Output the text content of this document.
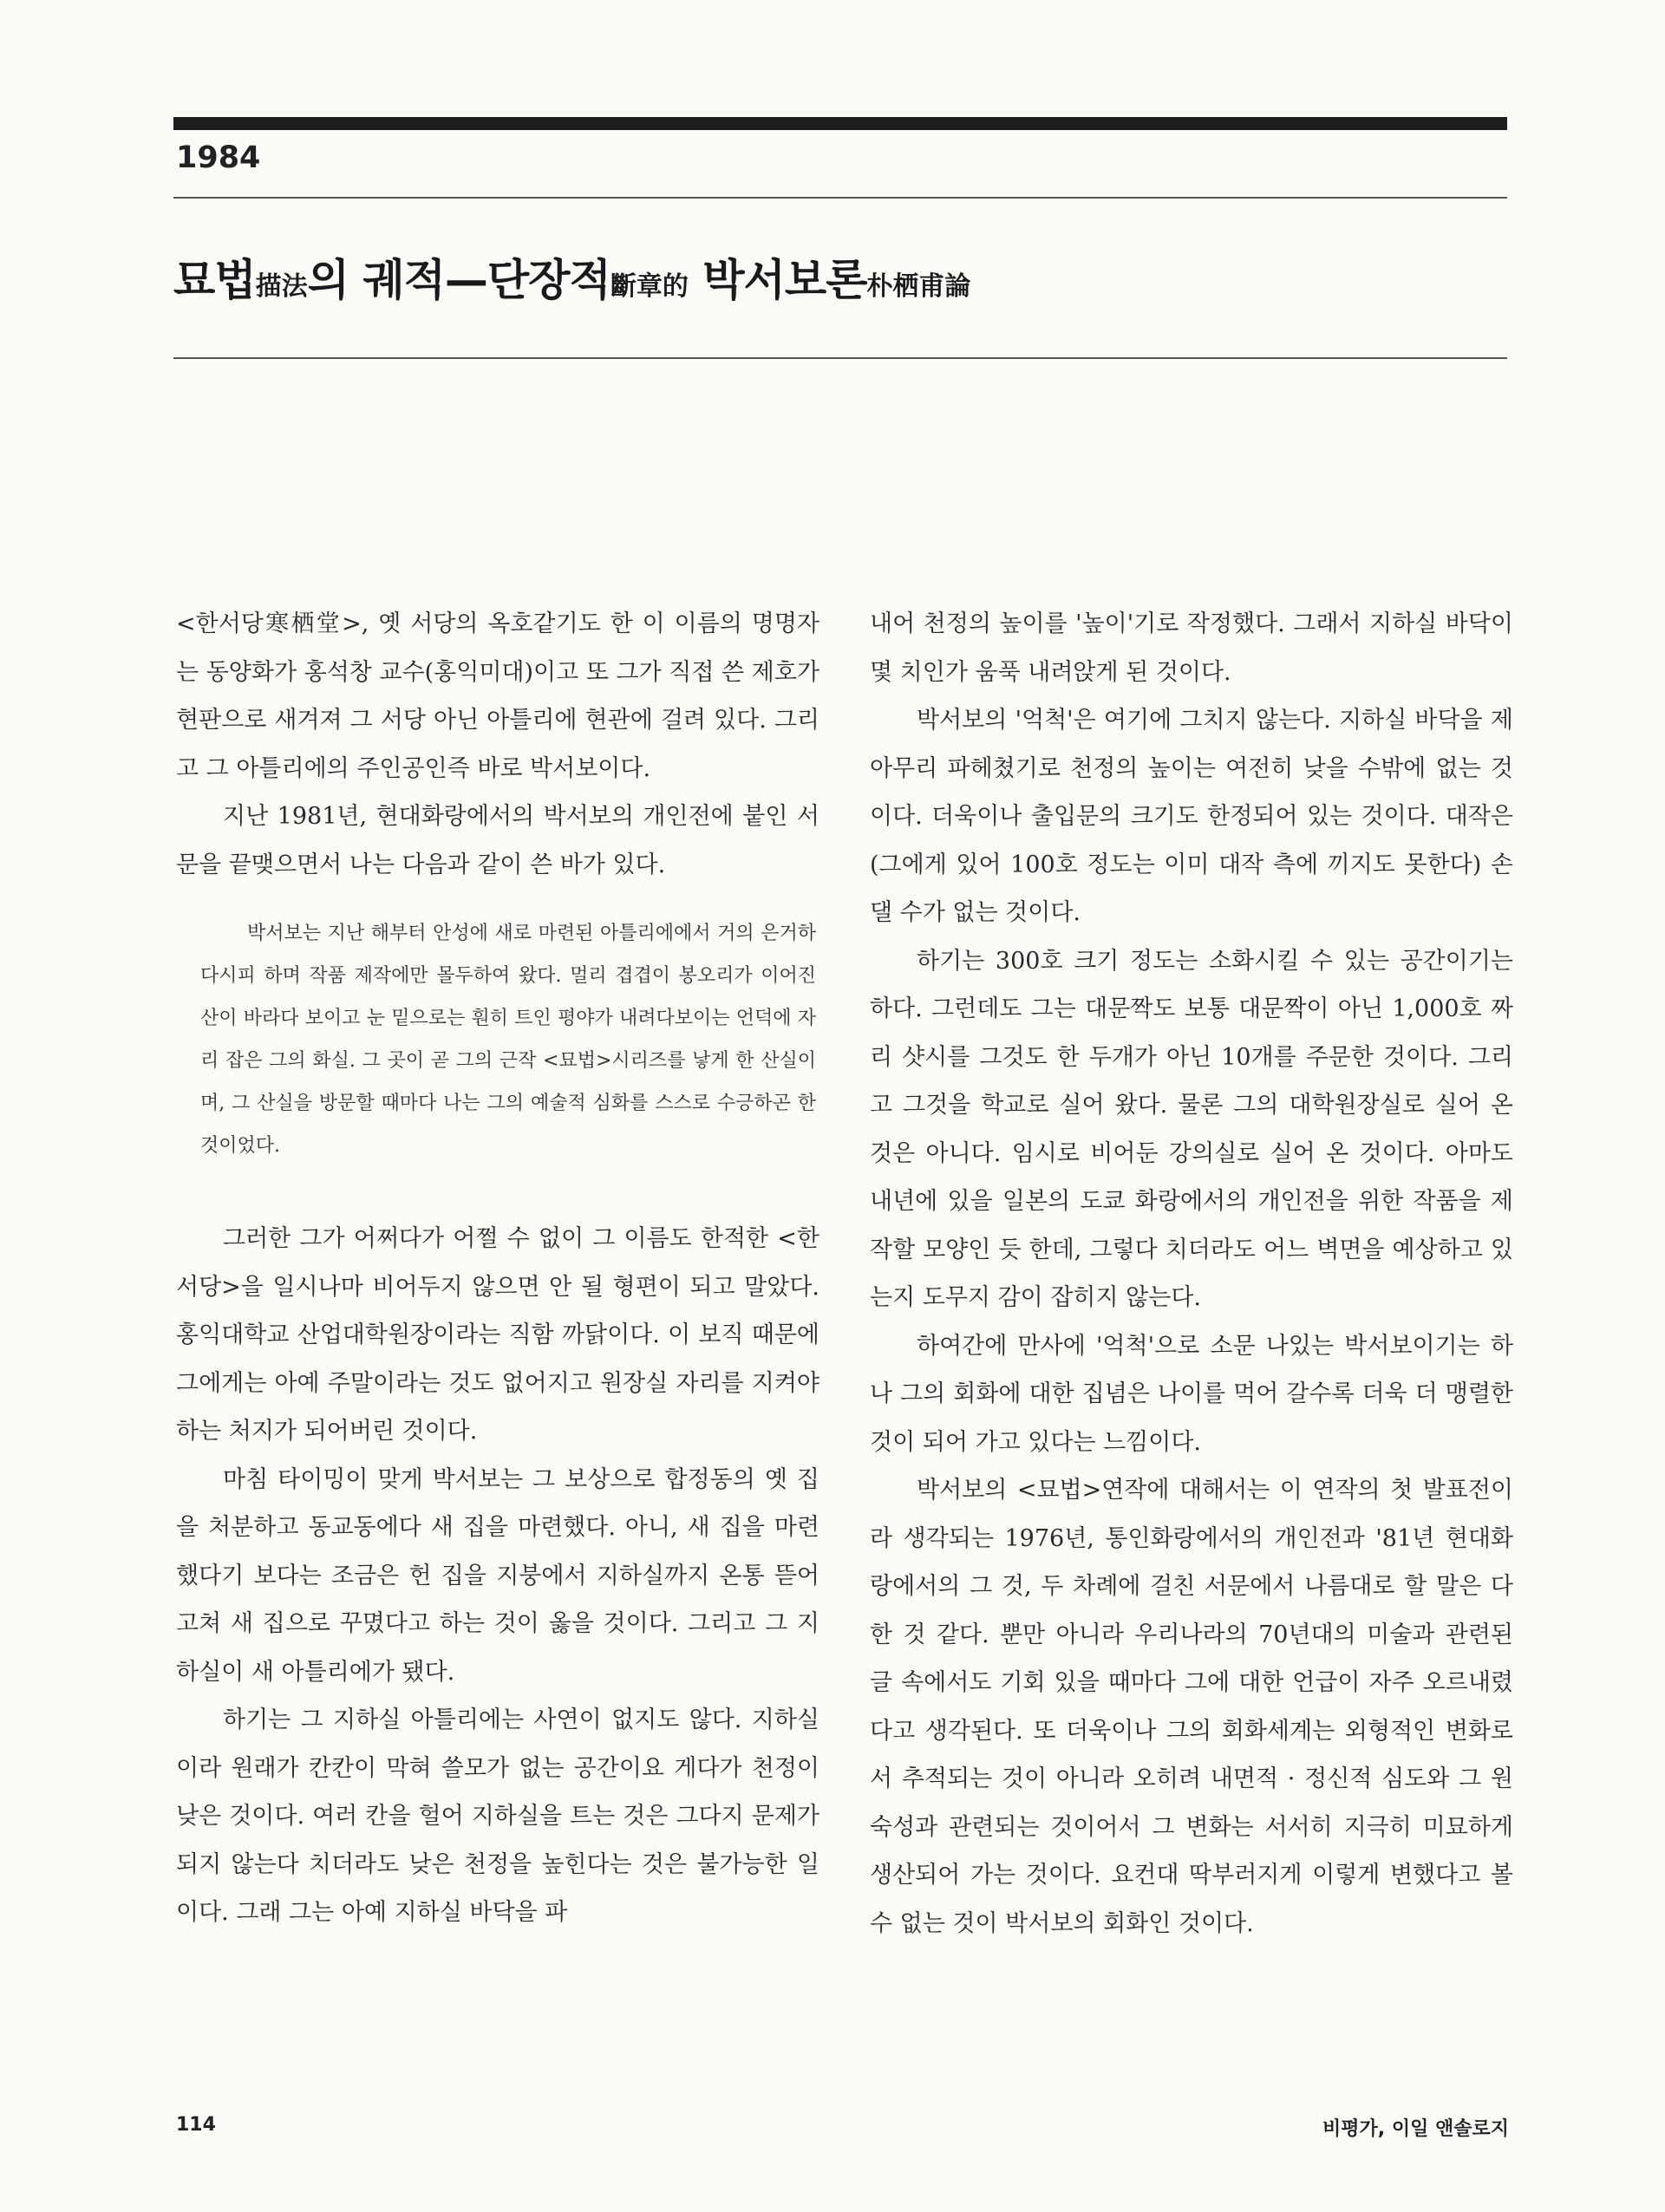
1984
묘법描法의 궤적—단장적斷章的 박서보론朴栖甫論

<한서당寒栖堂>, 옛 서당의 옥호같기도 한 이 이름의 명명자는 동양화가 홍석창 교수(홍익미대)이고 또 그가 직접 쓴 제호가 현판으로 새겨져 그 서당 아닌 아틀리에 현관에 걸려 있다. 그리고 그 아틀리에의 주인공인즉 바로 박서보이다.

지난 1981년, 현대화랑에서의 박서보의 개인전에 붙인 서문을 끝맺으면서 나는 다음과 같이 쓴 바가 있다.

박서보는 지난 해부터 안성에 새로 마련된 아틀리에에서 거의 은거하다시피 하며 작품 제작에만 몰두하여 왔다. 멀리 겹겹이 봉오리가 이어진 산이 바라다 보이고 눈 밑으로는 훤히 트인 평야가 내려다보이는 언덕에 자리 잡은 그의 화실. 그 곳이 곧 그의 근작 <묘법>시리즈를 낳게 한 산실이며, 그 산실을 방문할 때마다 나는 그의 예술적 심화를 스스로 수긍하곤 한 것이었다.

그러한 그가 어쩌다가 어쩔 수 없이 그 이름도 한적한 <한서당>을 일시나마 비어두지 않으면 안 될 형편이 되고 말았다. 홍익대학교 산업대학원장이라는 직함 까닭이다. 이 보직 때문에 그에게는 아예 주말이라는 것도 없어지고 원장실 자리를 지켜야 하는 처지가 되어버린 것이다.

마침 타이밍이 맞게 박서보는 그 보상으로 합정동의 옛 집을 처분하고 동교동에다 새 집을 마련했다. 아니, 새 집을 마련했다기 보다는 조금은 헌 집을 지붕에서 지하실까지 온통 뜯어 고쳐 새 집으로 꾸몄다고 하는 것이 옳을 것이다. 그리고 그 지하실이 새 아틀리에가 됐다.

하기는 그 지하실 아틀리에는 사연이 없지도 않다. 지하실이라 원래가 칸칸이 막혀 쓸모가 없는 공간이요 게다가 천정이 낮은 것이다. 여러 칸을 헐어 지하실을 트는 것은 그다지 문제가 되지 않는다 치더라도 낮은 천정을 높힌다는 것은 불가능한 일이다. 그래 그는 아예 지하실 바닥을 파

내어 천정의 높이를 '높이'기로 작정했다. 그래서 지하실 바닥이 몇 치인가 움푹 내려앉게 된 것이다.

박서보의 '억척'은 여기에 그치지 않는다. 지하실 바닥을 제아무리 파헤쳤기로 천정의 높이는 여전히 낮을 수밖에 없는 것이다. 더욱이나 출입문의 크기도 한정되어 있는 것이다. 대작은(그에게 있어 100호 정도는 이미 대작 측에 끼지도 못한다) 손 댈 수가 없는 것이다.

하기는 300호 크기 정도는 소화시킬 수 있는 공간이기는 하다. 그런데도 그는 대문짝도 보통 대문짝이 아닌 1,000호 짜리 샷시를 그것도 한 두개가 아닌 10개를 주문한 것이다. 그리고 그것을 학교로 실어 왔다. 물론 그의 대학원장실로 실어 온 것은 아니다. 임시로 비어둔 강의실로 실어 온 것이다. 아마도 내년에 있을 일본의 도쿄 화랑에서의 개인전을 위한 작품을 제작할 모양인 듯 한데, 그렇다 치더라도 어느 벽면을 예상하고 있는지 도무지 감이 잡히지 않는다.

하여간에 만사에 '억척'으로 소문 나있는 박서보이기는 하나 그의 회화에 대한 집념은 나이를 먹어 갈수록 더욱 더 맹렬한 것이 되어 가고 있다는 느낌이다.

박서보의 <묘법>연작에 대해서는 이 연작의 첫 발표전이라 생각되는 1976년, 통인화랑에서의 개인전과 '81년 현대화랑에서의 그 것, 두 차례에 걸친 서문에서 나름대로 할 말은 다 한 것 같다. 뿐만 아니라 우리나라의 70년대의 미술과 관련된 글 속에서도 기회 있을 때마다 그에 대한 언급이 자주 오르내렸다고 생각된다. 또 더욱이나 그의 회화세계는 외형적인 변화로서 추적되는 것이 아니라 오히려 내면적 · 정신적 심도와 그 원숙성과 관련되는 것이어서 그 변화는 서서히 지극히 미묘하게 생산되어 가는 것이다. 요컨대 딱부러지게 이렇게 변했다고 볼 수 없는 것이 박서보의 회화인 것이다.

114	비평가, 이일 앤솔로지
